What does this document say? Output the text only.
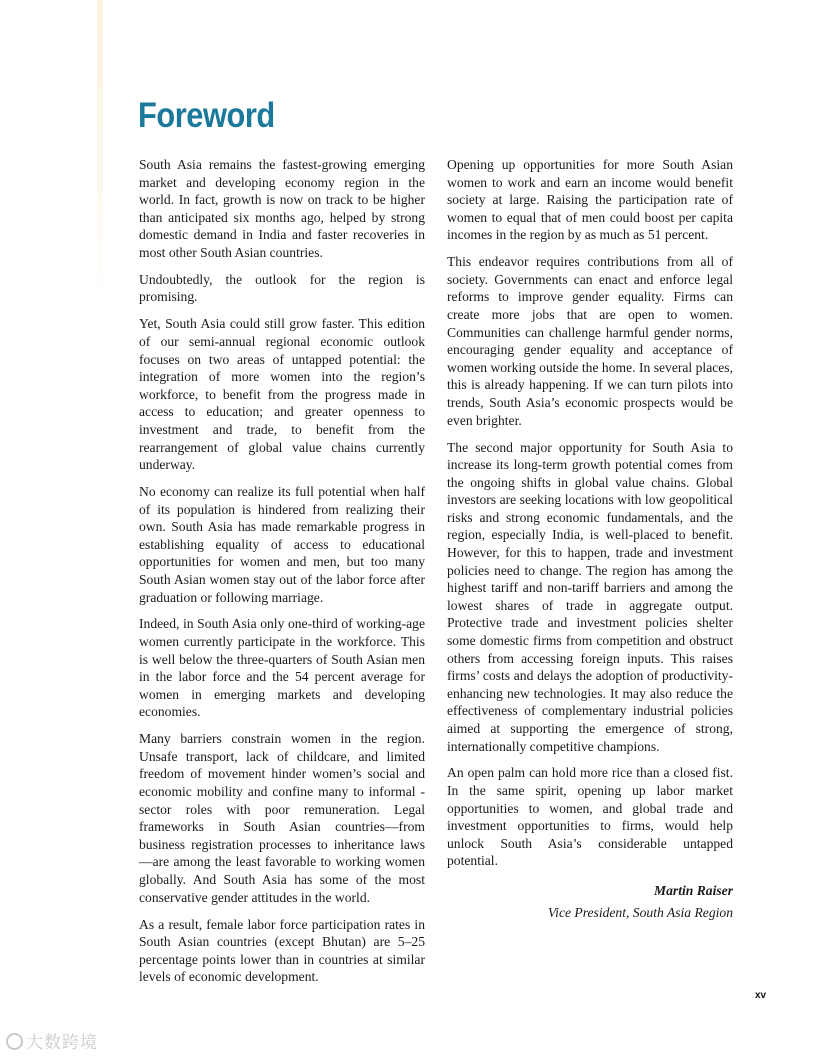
Foreword

South Asia remains the fastest-growing emerging market and developing economy region in the world. In fact, growth is now on track to be higher than anticipated six months ago, helped by strong domestic demand in India and faster recoveries in most other South Asian countries.

Undoubtedly, the outlook for the region is promising.

Yet, South Asia could still grow faster. This edition of our semi-annual regional economic outlook focuses on two areas of untapped potential: the integration of more women into the region’s workforce, to benefit from the progress made in access to education; and greater openness to investment and trade, to benefit from the rearrangement of global value chains currently underway.

No economy can realize its full potential when half of its population is hindered from realizing their own. South Asia has made remarkable progress in establishing equality of access to educational opportunities for women and men, but too many South Asian women stay out of the labor force after graduation or following marriage.

Indeed, in South Asia only one-third of working-age women currently participate in the workforce. This is well below the three-quarters of South Asian men in the labor force and the 54 percent average for women in emerging markets and developing economies.

Many barriers constrain women in the region. Unsafe transport, lack of childcare, and limited freedom of movement hinder women’s social and economic mobility and confine many to informal -sector roles with poor remuneration. Legal frameworks in South Asian countries—from business registration processes to inheritance laws—are among the least favorable to working women globally. And South Asia has some of the most conservative gender attitudes in the world.

As a result, female labor force participation rates in South Asian countries (except Bhutan) are 5–25 percentage points lower than in countries at similar levels of economic development.

Opening up opportunities for more South Asian women to work and earn an income would benefit society at large. Raising the participation rate of women to equal that of men could boost per capita incomes in the region by as much as 51 percent.

This endeavor requires contributions from all of society. Governments can enact and enforce legal reforms to improve gender equality. Firms can create more jobs that are open to women. Communities can challenge harmful gender norms, encouraging gender equality and acceptance of women working outside the home. In several places, this is already happening. If we can turn pilots into trends, South Asia’s economic prospects would be even brighter.

The second major opportunity for South Asia to increase its long-term growth potential comes from the ongoing shifts in global value chains. Global investors are seeking locations with low geopolitical risks and strong economic fundamentals, and the region, especially India, is well-placed to benefit. However, for this to happen, trade and investment policies need to change. The region has among the highest tariff and non-tariff barriers and among the lowest shares of trade in aggregate output. Protective trade and investment policies shelter some domestic firms from competition and obstruct others from accessing foreign inputs. This raises firms’ costs and delays the adoption of productivity-enhancing new technologies. It may also reduce the effectiveness of complementary industrial policies aimed at supporting the emergence of strong, internationally competitive champions.

An open palm can hold more rice than a closed fist. In the same spirit, opening up labor market opportunities to women, and global trade and investment opportunities to firms, would help unlock South Asia’s considerable untapped potential.

Martin Raiser
Vice President, South Asia Region
xv
大数跨境
